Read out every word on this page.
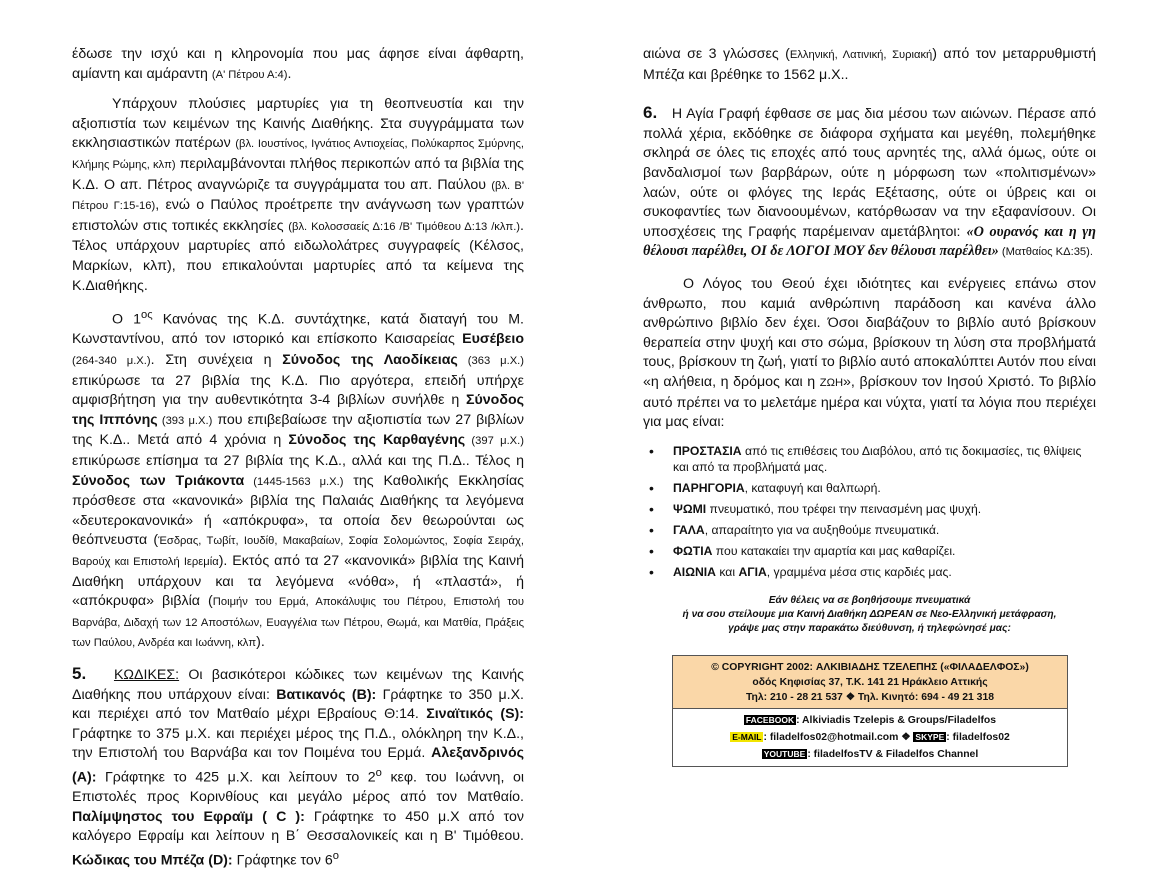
έδωσε την ισχύ και η κληρονομία που μας άφησε είναι άφθαρτη, αμίαντη και αμάραντη (Α' Πέτρου Α:4).

Υπάρχουν πλούσιες μαρτυρίες για τη θεοπνευστία και την αξιοπιστία των κειμένων της Καινής Διαθήκης. Στα συγγράμματα των εκκλησιαστικών πατέρων (βλ. Ιουστίνος, Ιγνάτιος Αντιοχείας, Πολύκαρπος Σμύρνης, Κλήμης Ρώμης, κλπ) περιλαμβάνονται πλήθος περικοπών από τα βιβλία της Κ.Δ. Ο απ. Πέτρος αναγνώριζε τα συγγράμματα του απ. Παύλου (βλ. Β' Πέτρου Γ:15-16), ενώ ο Παύλος προέτρεπε την ανάγνωση των γραπτών επιστολών στις τοπικές εκκλησίες (βλ. Κολοσσαείς Δ:16 /Β' Τιμόθεου Δ:13 /κλπ.). Τέλος υπάρχουν μαρτυρίες από ειδωλολάτρες συγγραφείς (Κέλσος, Μαρκίων, κλπ), που επικαλούνται μαρτυρίες από τα κείμενα της Κ.Διαθήκης.

Ο $1^{o\varsigma}$ Κανόνας της Κ.Δ. συντάχτηκε, κατά διαταγή του Μ. Κωνσταντίνου, από τον ιστορικό και επίσκοπο Καισαρείας Ευσέβειο (264-340 μ.Χ.). Στη συνέχεια η Σύνοδος της Λαοδίκειας (363 μ.Χ.) επικύρωσε τα 27 βιβλία της Κ.Δ. Πιο αργότερα, επειδή υπήρχε αμφισβήτηση για την αυθεντικότητα 3-4 βιβλίων συνήλθε η Σύνοδος της Ιππόνης (393 μ.Χ.) που επιβεβαίωσε την αξιοπιστία των 27 βιβλίων της Κ.Δ.. Μετά από 4 χρόνια η Σύνοδος της Καρθαγένης (397 μ.Χ.) επικύρωσε επίσημα τα 27 βιβλία της Κ.Δ., αλλά και της Π.Δ.. Τέλος η Σύνοδος των Τριάκοντα (1445-1563 μ.Χ.) της Καθολικής Εκκλησίας πρόσθεσε στα «κανονικά» βιβλία της Παλαιάς Διαθήκης τα λεγόμενα «δευτεροκανονικά» ή «απόκρυφα», τα οποία δεν θεωρούνται ως θεόπνευστα (Έσδρας, Τωβίτ, Ιουδίθ, Μακαβαίων, Σοφία Σολομώντος, Σοφία Σειράχ, Βαρούχ και Επιστολή Ιερεμία). Εκτός από τα 27 «κανονικά» βιβλία της Καινή Διαθήκη υπάρχουν και τα λεγόμενα «νόθα», ή «πλαστά», ή «απόκρυφα» βιβλία (Ποιμήν του Ερμά, Αποκάλυψις του Πέτρου, Επιστολή του Βαρνάβα, Διδαχή των 12 Αποστόλων, Ευαγγέλια των Πέτρου, Θωμά, και Ματθία, Πράξεις των Παύλου, Ανδρέα και Ιωάννη, κλπ).

5. ΚΩΔΙΚΕΣ: Οι βασικότεροι κώδικες των κειμένων της Καινής Διαθήκης που υπάρχουν είναι: Βατικανός (B): Γράφτηκε το 350 μ.Χ. και περιέχει από τον Ματθαίο μέχρι Εβραίους Θ:14. Σιναϊτικός (S): Γράφτηκε το 375 μ.Χ. και περιέχει μέρος της Π.Δ., ολόκληρη την Κ.Δ., την Επιστολή του Βαρνάβα και τον Ποιμένα του Ερμά. Αλεξανδρινός (A): Γράφτηκε το 425 μ.Χ. και λείπουν το $2^o$ κεφ. του Ιωάννη, οι Επιστολές προς Κορινθίους και μεγάλο μέρος από τον Ματθαίο. Παλίμψηστος του Εφραϊμ ( C ): Γράφτηκε το 450 μ.Χ από τον καλόγερο Εφραίμ και λείπουν η Β΄ Θεσσαλονικείς και η Β' Τιμόθεου. Κώδικας του Μπέζα (D): Γράφτηκε τον $6^o$

αιώνα σε 3 γλώσσες (Ελληνική, Λατινική, Συριακή) από τον μεταρρυθμιστή Μπέζα και βρέθηκε το 1562 μ.Χ..

6.   Η Αγία Γραφή έφθασε σε μας δια μέσου των αιώνων. Πέρασε από πολλά χέρια, εκδόθηκε σε διάφορα σχήματα και μεγέθη, πολεμήθηκε σκληρά σε όλες τις εποχές από τους αρνητές της, αλλά όμως, ούτε οι βανδαλισμοί των βαρβάρων, ούτε η μόρφωση των «πολιτισμένων» λαών, ούτε οι φλόγες της Ιεράς Εξέτασης, ούτε οι ύβρεις και οι συκοφαντίες των διανοουμένων, κατόρθωσαν να την εξαφανίσουν. Οι υποσχέσεις της Γραφής παρέμειναν αμετάβλητοι: «Ο ουρανός και η γη θέλουσι παρέλθει, ΟΙ δε ΛΟΓΟΙ ΜΟΥ δεν θέλουσι παρέλθει» (Ματθαίος ΚΔ:35).

Ο Λόγος του Θεού έχει ιδιότητες και ενέργειες επάνω στον άνθρωπο, που καμιά ανθρώπινη παράδοση και κανένα άλλο ανθρώπινο βιβλίο δεν έχει. Όσοι διαβάζουν το βιβλίο αυτό βρίσκουν θεραπεία στην ψυχή και στο σώμα, βρίσκουν τη λύση στα προβλήματά τους, βρίσκουν τη ζωή, γιατί το βιβλίο αυτό αποκαλύπτει Αυτόν που είναι «η αλήθεια, η δρόμος και η ΖΩΗ», βρίσκουν τον Ιησού Χριστό. Το βιβλίο αυτό πρέπει να το μελετάμε ημέρα και νύχτα, γιατί τα λόγια που περιέχει για μας είναι:

• ΠΡΟΣΤΑΣΙΑ από τις επιθέσεις του Διαβόλου, από τις δοκιμασίες, τις θλίψεις και από τα προβλήματά μας.
• ΠΑΡΗΓΟΡΙΑ, καταφυγή και θαλπωρή.
• ΨΩΜΙ πνευματικό, που τρέφει την πεινασμένη μας ψυχή.
• ΓΑΛΑ, απαραίτητο για να αυξηθούμε πνευματικά.
• ΦΩΤΙΑ που κατακαίει την αμαρτία και μας καθαρίζει.
• ΑΙΩΝΙΑ και ΑΓΙΑ, γραμμένα μέσα στις καρδιές μας.
Εάν θέλεις να σε βοηθήσουμε πνευματικά
ή να σου στείλουμε μια Καινή Διαθήκη ΔΩΡΕΑΝ σε Νεο-Ελληνική μετάφραση,
γράψε μας στην παρακάτω διεύθυνση, ή τηλεφώνησέ μας:
© COPYRIGHT 2002: ΑΛΚΙΒΙΑΔΗΣ ΤΖΕΛΕΠΗΣ («ΦΙΛΑΔΕΛΦΟΣ»)
οδός Κηφισίας 37, Τ.Κ. 141 21 Ηράκλειο Αττικής
Τηλ: 210 - 28 21 537 ❖ Τηλ. Κινητό: 694 - 49 21 318
FACEBOOK : Alkiviadis Tzelepis & Groups/Filadelfos
E-MAIL : filadelfos02@hotmail.com ❖ SKYPE : filadelfos02
YOUTUBE : filadelfosTV & Filadelfos Channel
